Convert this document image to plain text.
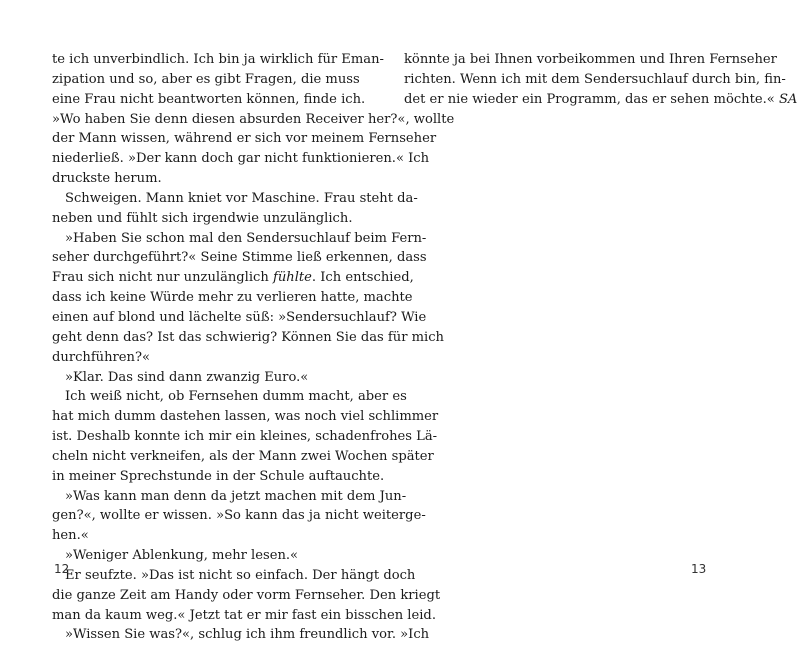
te ich unverbindlich. Ich bin ja wirklich für Eman-
zipation und so, aber es gibt Fragen, die muss
eine Frau nicht beantworten können, finde ich.
»Wo haben Sie denn diesen absurden Receiver her?«, wollte
der Mann wissen, während er sich vor meinem Fernseher
niederließ. »Der kann doch gar nicht funktionieren.« Ich
druckste herum.
Schweigen. Mann kniet vor Maschine. Frau steht da-
neben und fühlt sich irgendwie unzulänglich.
»Haben Sie schon mal den Sendersuchlauf beim Fern-
seher durchgeführt?« Seine Stimme ließ erkennen, dass
Frau sich nicht nur unzulänglich fühlte. Ich entschied,
dass ich keine Würde mehr zu verlieren hatte, machte
einen auf blond und lächelte süß: »Sendersuchlauf? Wie
geht denn das? Ist das schwierig? Können Sie das für mich
durchführen?«
»Klar. Das sind dann zwanzig Euro.«
Ich weiß nicht, ob Fernsehen dumm macht, aber es
hat mich dumm dastehen lassen, was noch viel schlimmer
ist. Deshalb konnte ich mir ein kleines, schadenfrohes Lä-
cheln nicht verkneifen, als der Mann zwei Wochen später
in meiner Sprechstunde in der Schule auftauchte.
»Was kann man denn da jetzt machen mit dem Jun-
gen?«, wollte er wissen. »So kann das ja nicht weiterge-
hen.«
»Weniger Ablenkung, mehr lesen.«
Er seufzte. »Das ist nicht so einfach. Der hängt doch
die ganze Zeit am Handy oder vorm Fernseher. Den kriegt
man da kaum weg.« Jetzt tat er mir fast ein bisschen leid.
»Wissen Sie was?«, schlug ich ihm freundlich vor. »Ich
12
könnte ja bei Ihnen vorbeikommen und Ihren Fernseher
richten. Wenn ich mit dem Sendersuchlauf durch bin, fin-
det er nie wieder ein Programm, das er sehen möchte.« SA
13
